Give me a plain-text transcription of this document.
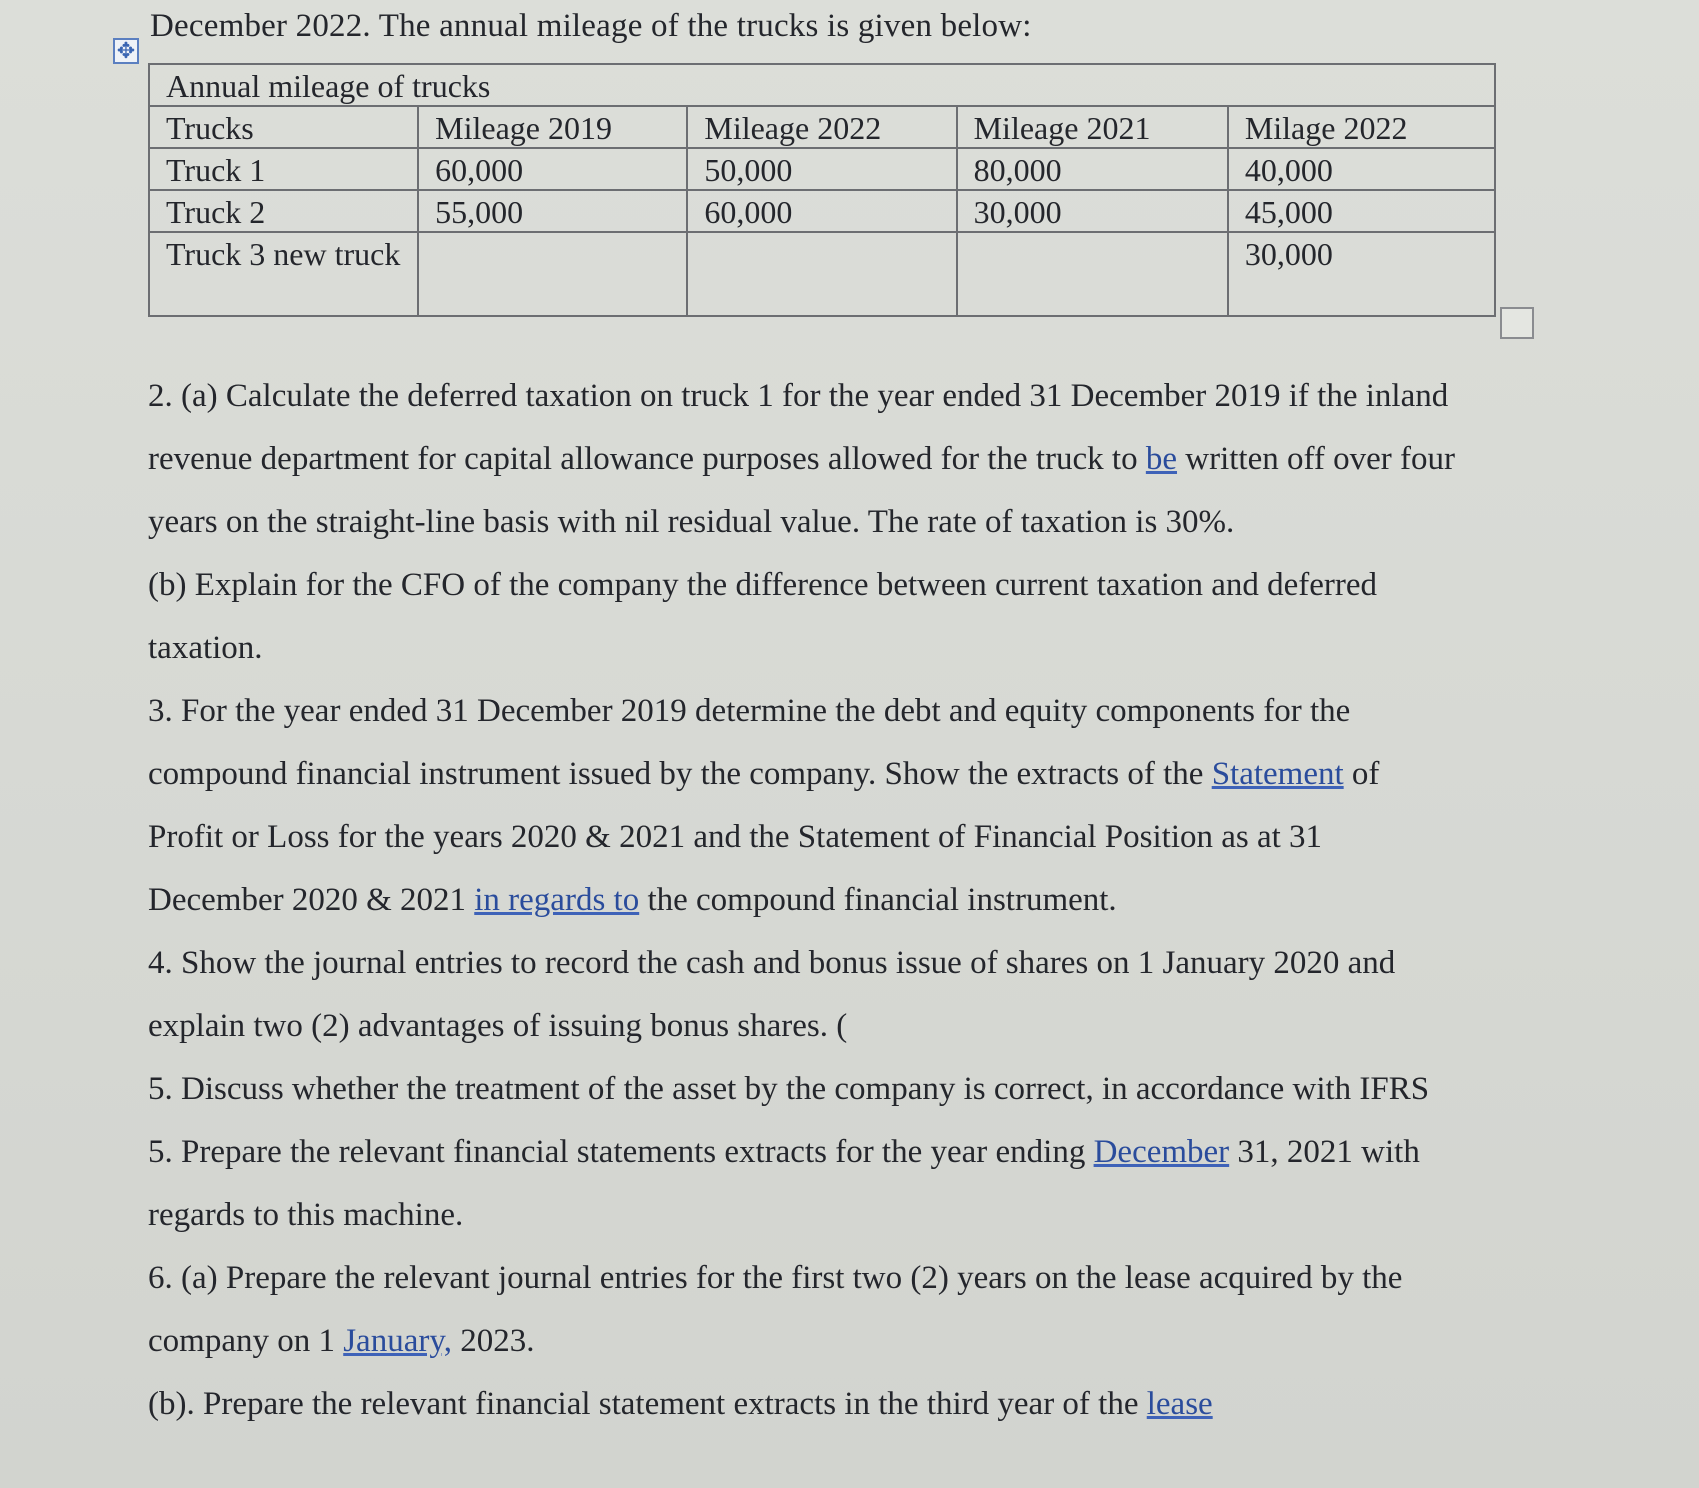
✥
December 2022. The annual mileage of the trucks is given below:
Annual mileage of trucks				
Trucks	Mileage 2019	Mileage 2022	Mileage 2021	Milage 2022
Truck 1	60,000	50,000	80,000	40,000
Truck 2	55,000	60,000	30,000	45,000
Truck 3 new truck				30,000

2. (a) Calculate the deferred taxation on truck 1 for the year ended 31 December 2019 if the inland revenue department for capital allowance purposes allowed for the truck to be written off over four years on the straight-line basis with nil residual value. The rate of taxation is 30%.

(b) Explain for the CFO of the company the difference between current taxation and deferred taxation.

3. For the year ended 31 December 2019 determine the debt and equity components for the compound financial instrument issued by the company. Show the extracts of the Statement of Profit or Loss for the years 2020 & 2021 and the Statement of Financial Position as at 31 December 2020 & 2021 in regards to the compound financial instrument.

4. Show the journal entries to record the cash and bonus issue of shares on 1 January 2020 and explain two (2) advantages of issuing bonus shares. (

5. Discuss whether the treatment of the asset by the company is correct, in accordance with IFRS 5. Prepare the relevant financial statements extracts for the year ending December 31, 2021 with regards to this machine.

6. (a) Prepare the relevant journal entries for the first two (2) years on the lease acquired by the company on 1 January, 2023.

(b). Prepare the relevant financial statement extracts in the third year of the lease
